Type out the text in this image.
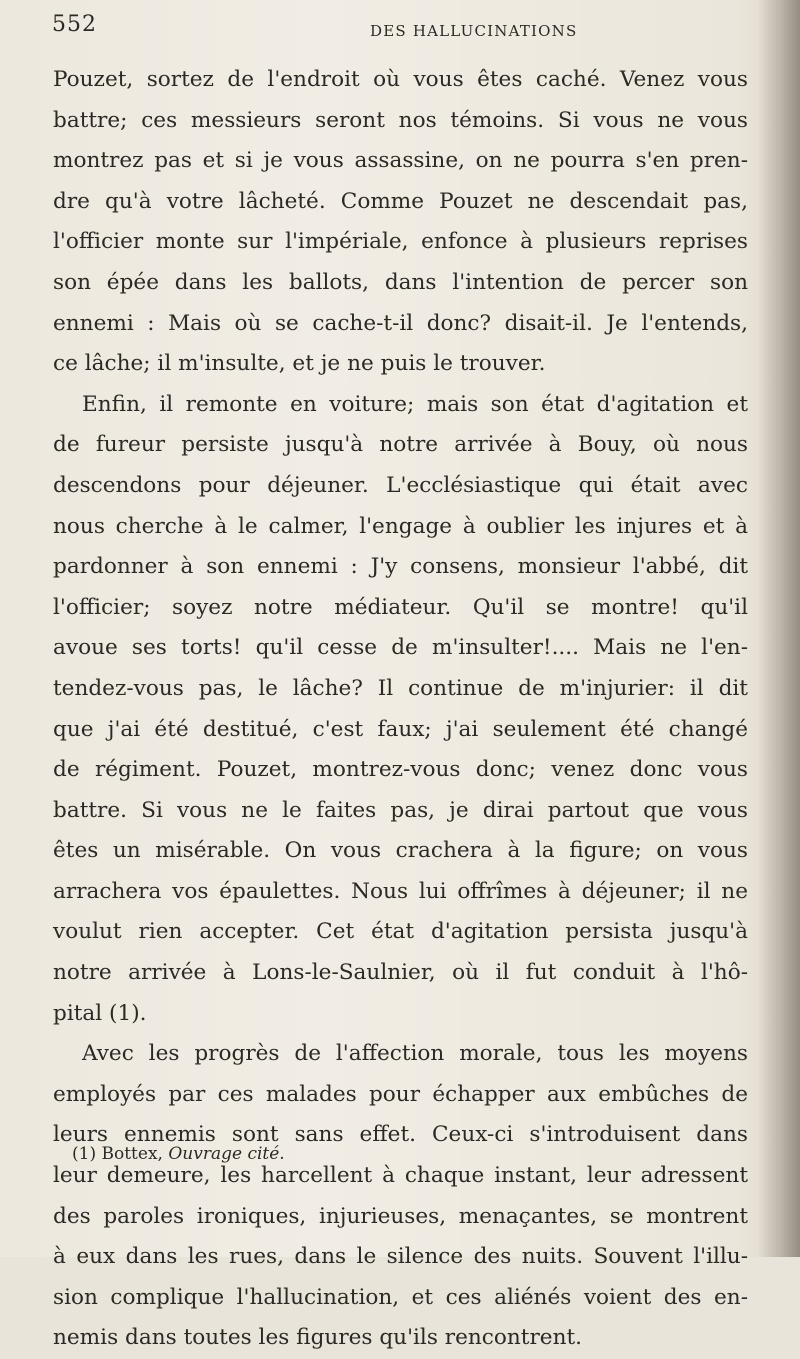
552	DES HALLUCINATIONS
Pouzet, sortez de l'endroit où vous êtes caché. Venez vous
battre; ces messieurs seront nos témoins. Si vous ne vous
montrez pas et si je vous assassine, on ne pourra s'en pren-
dre qu'à votre lâcheté. Comme Pouzet ne descendait pas,
l'officier monte sur l'impériale, enfonce à plusieurs reprises
son épée dans les ballots, dans l'intention de percer son
ennemi : Mais où se cache-t-il donc? disait-il. Je l'entends,
ce lâche; il m'insulte, et je ne puis le trouver.
Enfin, il remonte en voiture; mais son état d'agitation et
de fureur persiste jusqu'à notre arrivée à Bouy, où nous
descendons pour déjeuner. L'ecclésiastique qui était avec
nous cherche à le calmer, l'engage à oublier les injures et à
pardonner à son ennemi : J'y consens, monsieur l'abbé, dit
l'officier; soyez notre médiateur. Qu'il se montre! qu'il
avoue ses torts! qu'il cesse de m'insulter!.... Mais ne l'en-
tendez-vous pas, le lâche? Il continue de m'injurier: il dit
que j'ai été destitué, c'est faux; j'ai seulement été changé
de régiment. Pouzet, montrez-vous donc; venez donc vous
battre. Si vous ne le faites pas, je dirai partout que vous
êtes un misérable. On vous crachera à la figure; on vous
arrachera vos épaulettes. Nous lui offrîmes à déjeuner; il ne
voulut rien accepter. Cet état d'agitation persista jusqu'à
notre arrivée à Lons-le-Saulnier, où il fut conduit à l'hô-
pital (1).
Avec les progrès de l'affection morale, tous les moyens
employés par ces malades pour échapper aux embûches de
leurs ennemis sont sans effet. Ceux-ci s'introduisent dans
leur demeure, les harcellent à chaque instant, leur adressent
des paroles ironiques, injurieuses, menaçantes, se montrent
à eux dans les rues, dans le silence des nuits. Souvent l'illu-
sion complique l'hallucination, et ces aliénés voient des en-
nemis dans toutes les figures qu'ils rencontrent.
(1) Bottex, Ouvrage cité.
